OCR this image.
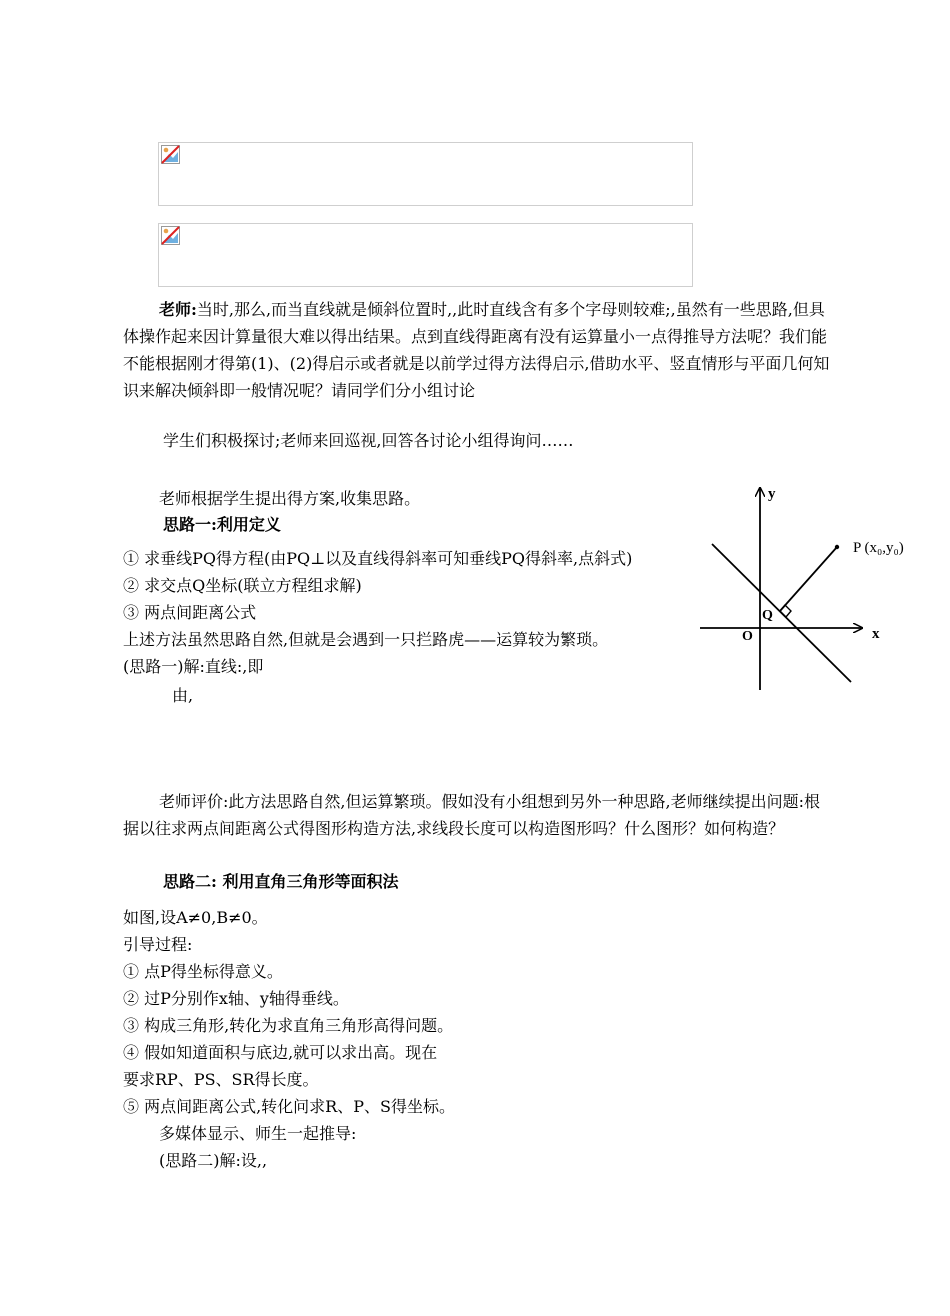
老师:当时,那么,而当直线就是倾斜位置时,,此时直线含有多个字母则较难;,虽然有一些思路,但具体操作起来因计算量很大难以得出结果。点到直线得距离有没有运算量小一点得推导方法呢？我们能不能根据刚才得第(1)、(2)得启示或者就是以前学过得方法得启示,借助水平、竖直情形与平面几何知识来解决倾斜即一般情况呢？请同学们分小组讨论
学生们积极探讨;老师来回巡视,回答各讨论小组得询问……
老师根据学生提出得方案,收集思路。
思路一:利用定义
① 求垂线PQ得方程(由PQ⊥以及直线得斜率可知垂线PQ得斜率,点斜式)
② 求交点Q坐标(联立方程组求解)
③ 两点间距离公式
上述方法虽然思路自然,但就是会遇到一只拦路虎——运算较为繁琐。
(思路一)解:直线:,即
由,
y
x
O
Q
P (x₀,y₀)
老师评价:此方法思路自然,但运算繁琐。假如没有小组想到另外一种思路,老师继续提出问题:根据以往求两点间距离公式得图形构造方法,求线段长度可以构造图形吗？什么图形？如何构造？
思路二: 利用直角三角形等面积法
如图,设A≠0,B≠0。
引导过程:
① 点P得坐标得意义。
② 过P分别作x轴、y轴得垂线。
③ 构成三角形,转化为求直角三角形高得问题。
④ 假如知道面积与底边,就可以求出高。现在
要求RP、PS、SR得长度。
⑤ 两点间距离公式,转化问求R、P、S得坐标。
多媒体显示、师生一起推导:
(思路二)解:设,,
